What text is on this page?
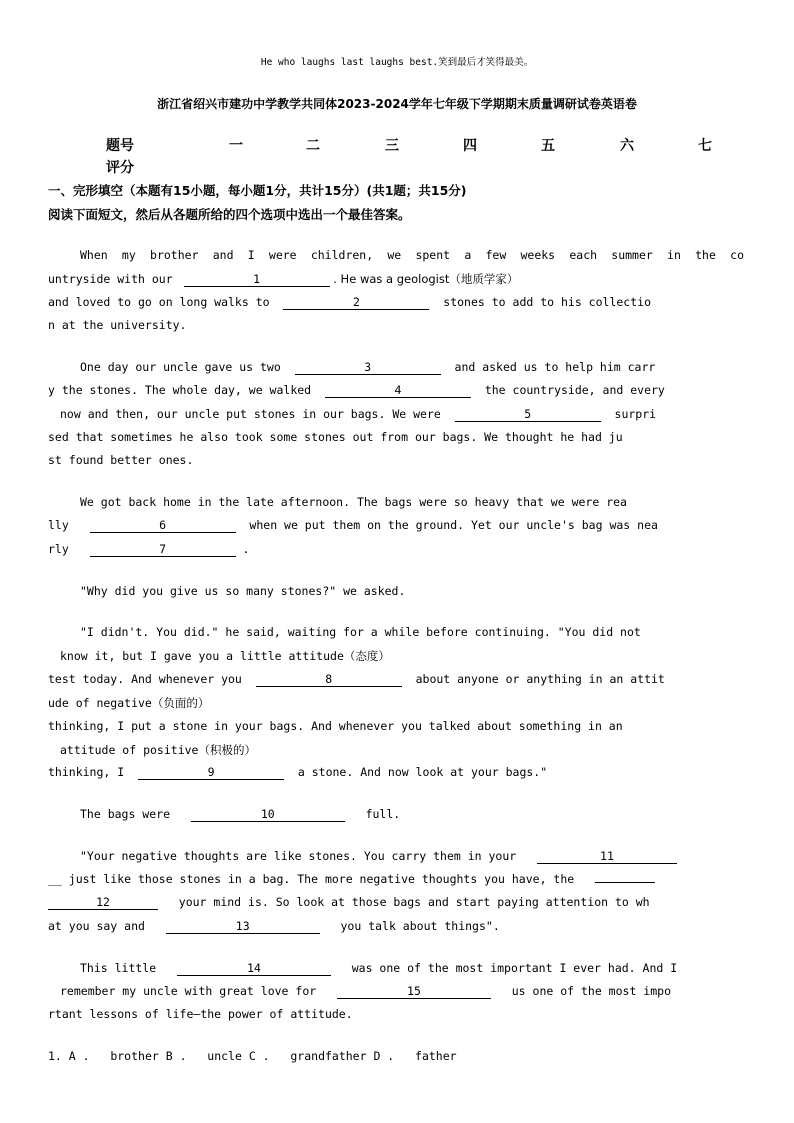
He who laughs last laughs best.笑到最后才笑得最美。
浙江省绍兴市建功中学教学共同体2023-2024学年七年级下学期期末质量调研试卷英语卷
题号	一	二	三	四	五	六	七
评分
一、完形填空（本题有15小题，每小题1分，共计15分）(共1题；共15分)
阅读下面短文，然后从各题所给的四个选项中选出一个最佳答案。
When my brother and I were children, we spent a few weeks each summer in the co
untryside with our	1	. He was a geologist（地质学家）
and loved to go on long walks to	2	stones to add to his collectio
n at the university.
One day our uncle gave us two	3	and asked us to help him carr
y the stones. The whole day, we walked	4	the countryside, and every
now and then, our uncle put stones in our bags. We were	5	surpri
sed that sometimes he also took some stones out from our bags. We thought he had ju
st found better ones.
We got back home in the late afternoon. The bags were so heavy that we were rea
lly	6	when we put them on the ground. Yet our uncle's bag was nea
rly	7	.
"Why did you give us so many stones?" we asked.
"I didn't. You did." he said, waiting for a while before continuing. "You did not
know it, but I gave you a little attitude（态度）
test today. And whenever you	8	about anyone or anything in an attit
ude of negative（负面的）
thinking, I put a stone in your bags. And whenever you talked about something in an
attitude of positive（积极的）
thinking, I	9	a stone. And now look at your bags."
The bags were	10	full.
"Your negative thoughts are like stones. You carry them in your	11
__ just like those stones in a bag. The more negative thoughts you have, the
12	your mind is. So look at those bags and start paying attention to wh
at you say and	13	you talk about things".
This little	14	was one of the most important I ever had. And I
remember my uncle with great love for	15	us one of the most impo
rtant lessons of life—the power of attitude.
1. A . brother B . uncle C . grandfather D . father
